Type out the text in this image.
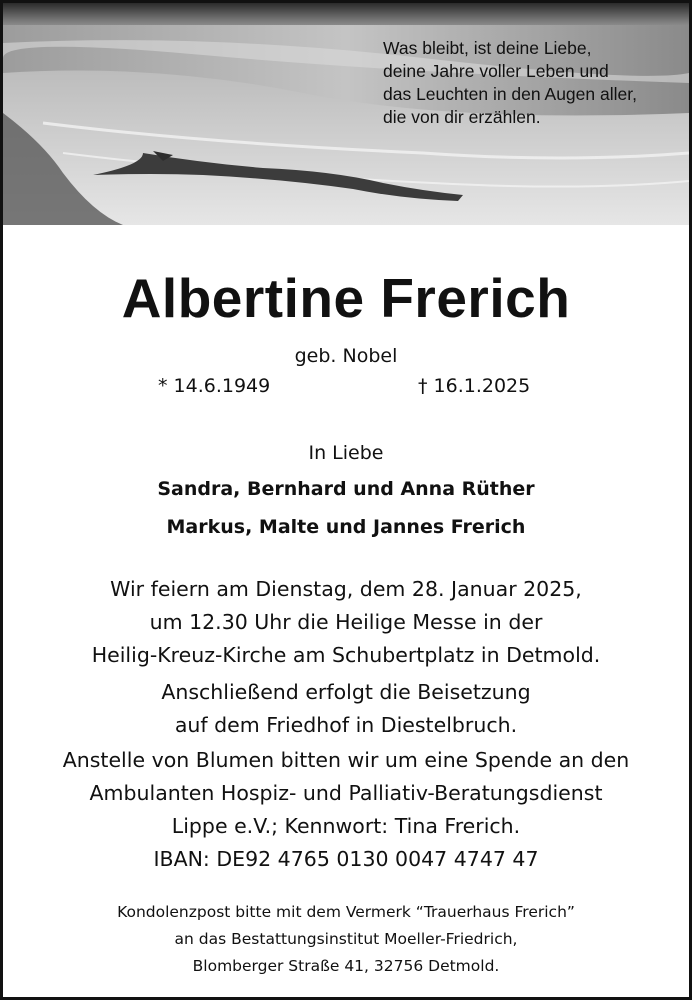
Was bleibt, ist deine Liebe,
deine Jahre voller Leben und
das Leuchten in den Augen aller,
die von dir erzählen.
Albertine Frerich
geb. Nobel
* 14.6.1949	† 16.1.2025
In Liebe
Sandra, Bernhard und Anna Rüther
Markus, Malte und Jannes Frerich
Wir feiern am Dienstag, dem 28. Januar 2025,
um 12.30 Uhr die Heilige Messe in der
Heilig-Kreuz-Kirche am Schubertplatz in Detmold.
Anschließend erfolgt die Beisetzung
auf dem Friedhof in Diestelbruch.
Anstelle von Blumen bitten wir um eine Spende an den
Ambulanten Hospiz- und Palliativ-Beratungsdienst
Lippe e.V.; Kennwort: Tina Frerich.
IBAN: DE92 4765 0130 0047 4747 47
Kondolenzpost bitte mit dem Vermerk “Trauerhaus Frerich”
an das Bestattungsinstitut Moeller-Friedrich,
Blomberger Straße 41, 32756 Detmold.
